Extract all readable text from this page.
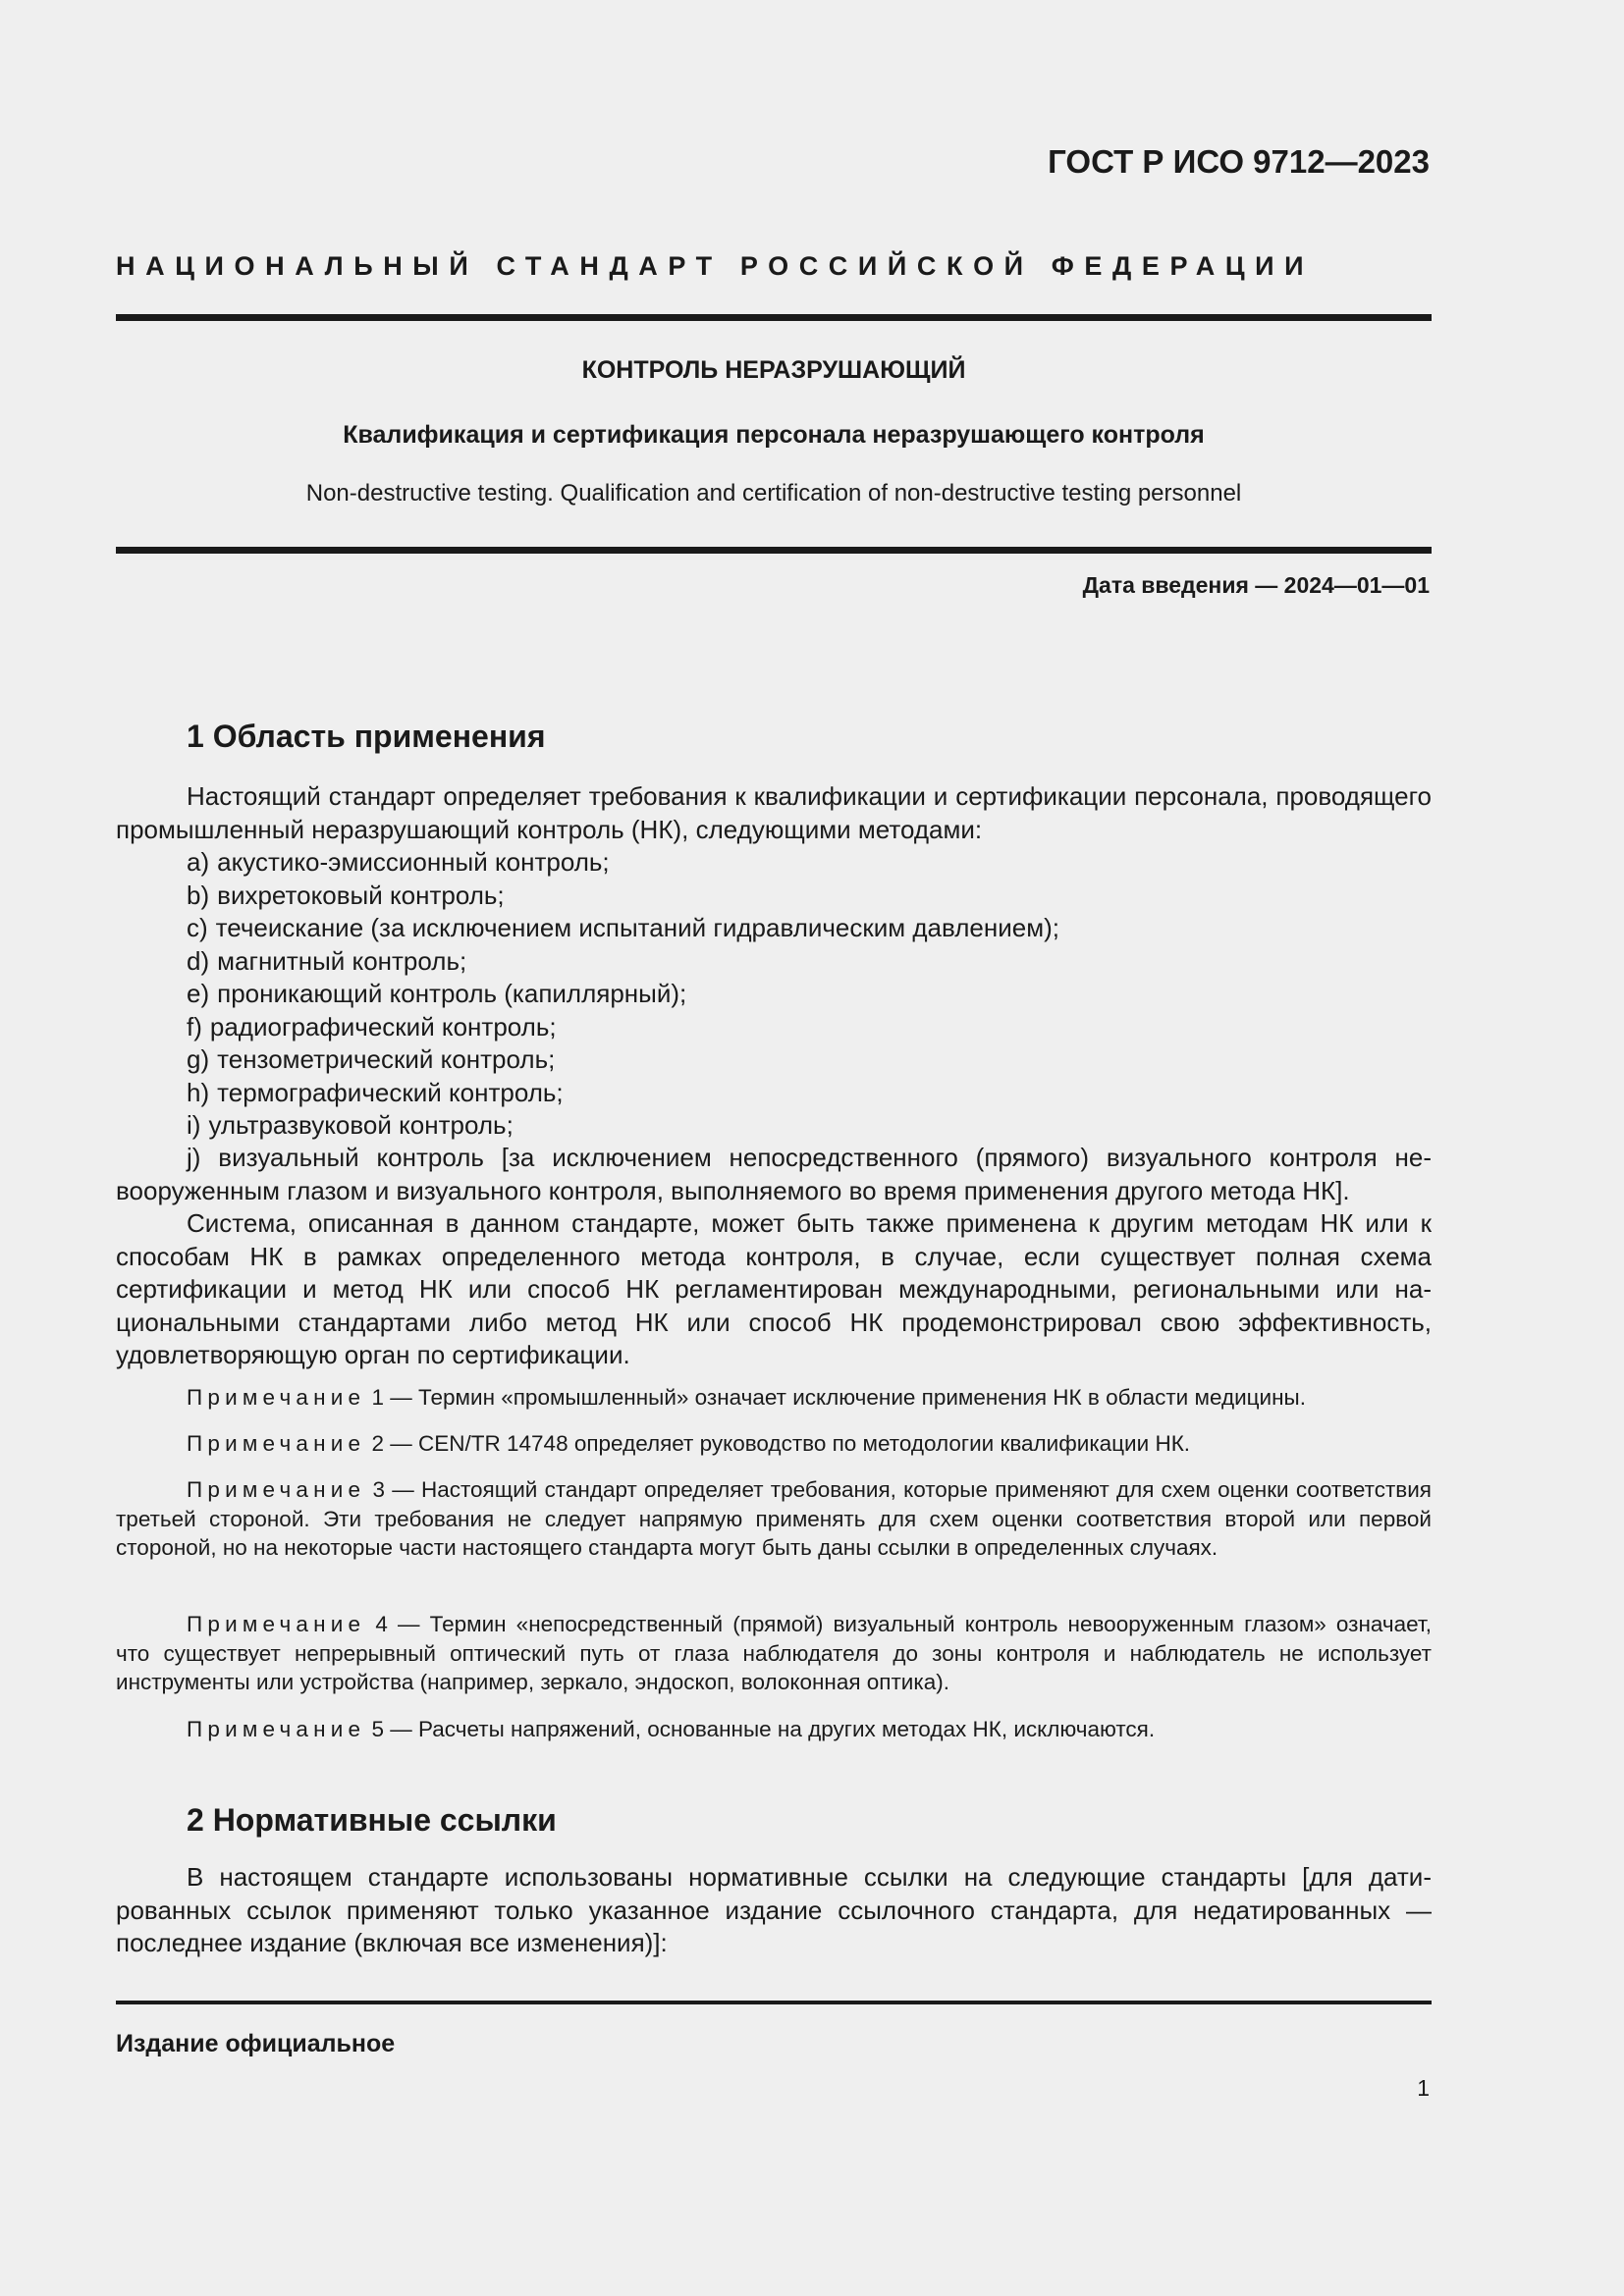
ГОСТ Р ИСО 9712—2023
НАЦИОНАЛЬНЫЙ СТАНДАРТ РОССИЙСКОЙ ФЕДЕРАЦИИ
КОНТРОЛЬ НЕРАЗРУШАЮЩИЙ
Квалификация и сертификация персонала неразрушающего контроля
Non-destructive testing. Qualification and certification of non-destructive testing personnel
Дата введения — 2024—01—01
1 Область применения
Настоящий стандарт определяет требования к квалификации и сертификации персонала, проводящего промышленный неразрушающий контроль (НК), следующими методами:
a) акустико-эмиссионный контроль;
b) вихретоковый контроль;
c) течеискание (за исключением испытаний гидравлическим давлением);
d) магнитный контроль;
e) проникающий контроль (капиллярный);
f) радиографический контроль;
g) тензометрический контроль;
h) термографический контроль;
i) ультразвуковой контроль;
j) визуальный контроль [за исключением непосредственного (прямого) визуального контроля невооруженным глазом и визуального контроля, выполняемого во время применения другого метода НК].
Система, описанная в данном стандарте, может быть также применена к другим методам НК или к способам НК в рамках определенного метода контроля, в случае, если существует полная схема сертификации и метод НК или способ НК регламентирован международными, региональными или национальными стандартами либо метод НК или способ НК продемонстрировал свою эффективность, удовлетворяющую орган по сертификации.
Примечание 1 — Термин «промышленный» означает исключение применения НК в области медицины.
Примечание 2 — CEN/TR 14748 определяет руководство по методологии квалификации НК.
Примечание 3 — Настоящий стандарт определяет требования, которые применяют для схем оценки соответствия третьей стороной. Эти требования не следует напрямую применять для схем оценки соответствия второй или первой стороной, но на некоторые части настоящего стандарта могут быть даны ссылки в определенных случаях.
Примечание 4 — Термин «непосредственный (прямой) визуальный контроль невооруженным глазом» означает, что существует непрерывный оптический путь от глаза наблюдателя до зоны контроля и наблюдатель не использует инструменты или устройства (например, зеркало, эндоскоп, волоконная оптика).
Примечание 5 — Расчеты напряжений, основанные на других методах НК, исключаются.
2 Нормативные ссылки
В настоящем стандарте использованы нормативные ссылки на следующие стандарты [для датированных ссылок применяют только указанное издание ссылочного стандарта, для недатированных — последнее издание (включая все изменения)]:
Издание официальное
1
